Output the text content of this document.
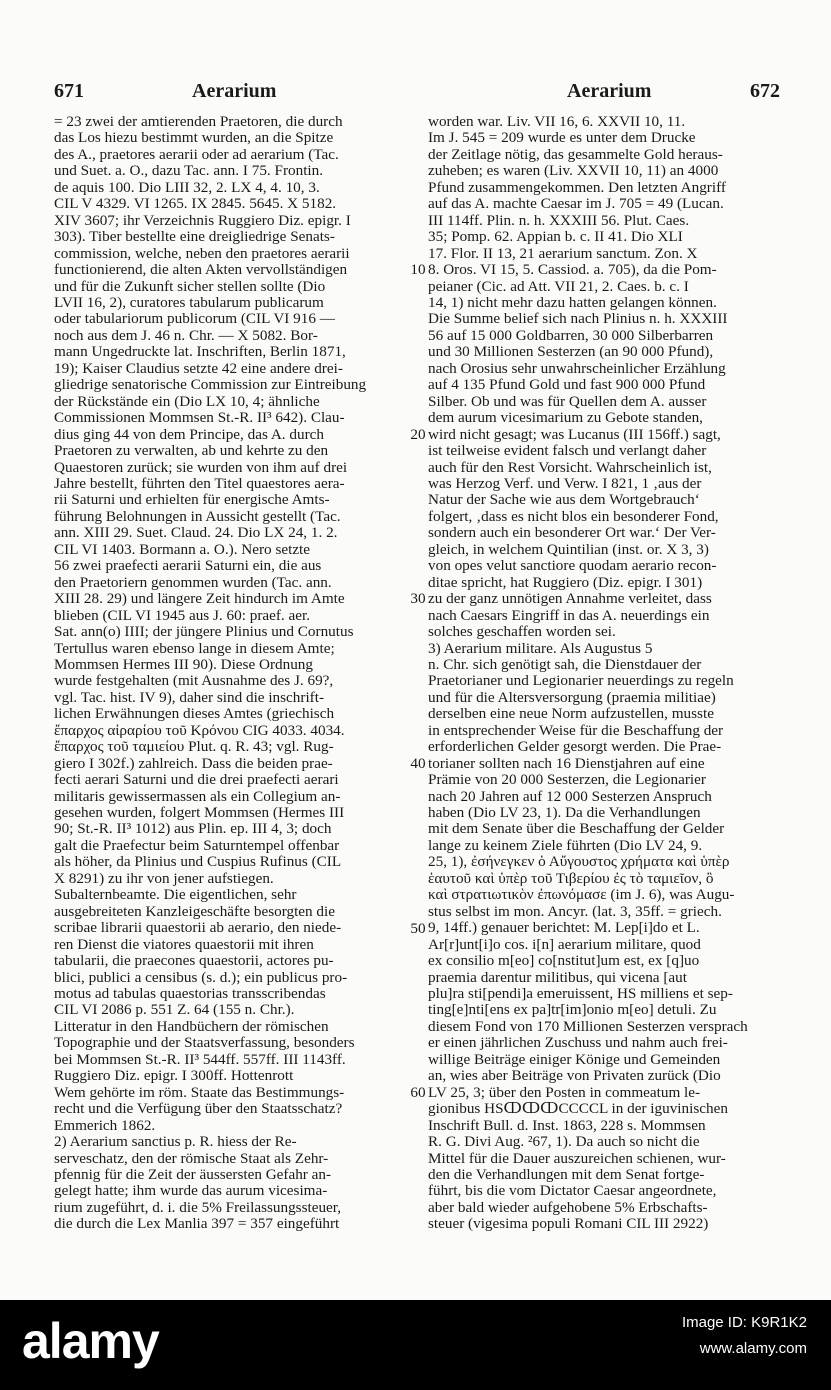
671	Aerarium	Aerarium	672
= 23 zwei der amtierenden Praetoren, die durch
das Los hiezu bestimmt wurden, an die Spitze
des A., praetores aerarii oder ad aerarium (Tac.
und Suet. a. O., dazu Tac. ann. I 75. Frontin.
de aquis 100. Dio LIII 32, 2. LX 4, 4. 10, 3.
CIL V 4329. VI 1265. IX 2845. 5645. X 5182.
XIV 3607; ihr Verzeichnis Ruggiero Diz. epigr. I
303). Tiber bestellte eine dreigliedrige Senats-
commission, welche, neben den praetores aerarii
functionierend, die alten Akten vervollständigen
und für die Zukunft sicher stellen sollte (Dio
LVII 16, 2), curatores tabularum publicarum
oder tabulariorum publicorum (CIL VI 916 —
noch aus dem J. 46 n. Chr. — X 5082. Bor-
mann Ungedruckte lat. Inschriften, Berlin 1871,
19); Kaiser Claudius setzte 42 eine andere drei-
gliedrige senatorische Commission zur Eintreibung
der Rückstände ein (Dio LX 10, 4; ähnliche
Commissionen Mommsen St.-R. II³ 642). Clau-
dius ging 44 von dem Principe, das A. durch
Praetoren zu verwalten, ab und kehrte zu den
Quaestoren zurück; sie wurden von ihm auf drei
Jahre bestellt, führten den Titel quaestores aera-
rii Saturni und erhielten für energische Amts-
führung Belohnungen in Aussicht gestellt (Tac.
ann. XIII 29. Suet. Claud. 24. Dio LX 24, 1. 2.
CIL VI 1403. Bormann a. O.). Nero setzte
56 zwei praefecti aerarii Saturni ein, die aus
den Praetoriern genommen wurden (Tac. ann.
XIII 28. 29) und längere Zeit hindurch im Amte
blieben (CIL VI 1945 aus J. 60: praef. aer.
Sat. ann(o) IIII; der jüngere Plinius und Cornutus
Tertullus waren ebenso lange in diesem Amte;
Mommsen Hermes III 90). Diese Ordnung
wurde festgehalten (mit Ausnahme des J. 69?,
vgl. Tac. hist. IV 9), daher sind die inschrift-
lichen Erwähnungen dieses Amtes (griechisch
ἔπαρχος αἰραρίου τοῦ Κρόνου CIG 4033. 4034.
ἔπαρχος τοῦ ταμιείου Plut. q. R. 43; vgl. Rug-
giero I 302f.) zahlreich. Dass die beiden prae-
fecti aerari Saturni und die drei praefecti aerari
militaris gewissermassen als ein Collegium an-
gesehen wurden, folgert Mommsen (Hermes III
90; St.-R. II³ 1012) aus Plin. ep. III 4, 3; doch
galt die Praefectur beim Saturntempel offenbar
als höher, da Plinius und Cuspius Rufinus (CIL
X 8291) zu ihr von jener aufstiegen.
Subalternbeamte. Die eigentlichen, sehr
ausgebreiteten Kanzleigeschäfte besorgten die
scribae librarii quaestorii ab aerario, den niede-
ren Dienst die viatores quaestorii mit ihren
tabularii, die praecones quaestorii, actores pu-
blici, publici a censibus (s. d.); ein publicus pro-
motus ad tabulas quaestorias transscribendas
CIL VI 2086 p. 551 Z. 64 (155 n. Chr.).
Litteratur in den Handbüchern der römischen
Topographie und der Staatsverfassung, besonders
bei Mommsen St.-R. II³ 544ff. 557ff. III 1143ff.
Ruggiero Diz. epigr. I 300ff. Hottenrott
Wem gehörte im röm. Staate das Bestimmungs-
recht und die Verfügung über den Staatsschatz?
Emmerich 1862.
2) Aerarium sanctius p. R. hiess der Re-
serveschatz, den der römische Staat als Zehr-
pfennig für die Zeit der äussersten Gefahr an-
gelegt hatte; ihm wurde das aurum vicesima-
rium zugeführt, d. i. die 5% Freilassungssteuer,
die durch die Lex Manlia 397 = 357 eingeführt
10
20
30
40
50
60
worden war. Liv. VII 16, 6. XXVII 10, 11.
Im J. 545 = 209 wurde es unter dem Drucke
der Zeitlage nötig, das gesammelte Gold heraus-
zuheben; es waren (Liv. XXVII 10, 11) an 4000
Pfund zusammengekommen. Den letzten Angriff
auf das A. machte Caesar im J. 705 = 49 (Lucan.
III 114ff. Plin. n. h. XXXIII 56. Plut. Caes.
35; Pomp. 62. Appian b. c. II 41. Dio XLI
17. Flor. II 13, 21 aerarium sanctum. Zon. X
8. Oros. VI 15, 5. Cassiod. a. 705), da die Pom-
peianer (Cic. ad Att. VII 21, 2. Caes. b. c. I
14, 1) nicht mehr dazu hatten gelangen können.
Die Summe belief sich nach Plinius n. h. XXXIII
56 auf 15 000 Goldbarren, 30 000 Silberbarren
und 30 Millionen Sesterzen (an 90 000 Pfund),
nach Orosius sehr unwahrscheinlicher Erzählung
auf 4 135 Pfund Gold und fast 900 000 Pfund
Silber. Ob und was für Quellen dem A. ausser
dem aurum vicesimarium zu Gebote standen,
wird nicht gesagt; was Lucanus (III 156ff.) sagt,
ist teilweise evident falsch und verlangt daher
auch für den Rest Vorsicht. Wahrscheinlich ist,
was Herzog Verf. und Verw. I 821, 1 ‚aus der
Natur der Sache wie aus dem Wortgebrauch‘
folgert, ‚dass es nicht blos ein besonderer Fond,
sondern auch ein besonderer Ort war.‘ Der Ver-
gleich, in welchem Quintilian (inst. or. X 3, 3)
von opes velut sanctiore quodam aerario recon-
ditae spricht, hat Ruggiero (Diz. epigr. I 301)
zu der ganz unnötigen Annahme verleitet, dass
nach Caesars Eingriff in das A. neuerdings ein
solches geschaffen worden sei.
3) Aerarium militare. Als Augustus 5
n. Chr. sich genötigt sah, die Dienstdauer der
Praetorianer und Legionarier neuerdings zu regeln
und für die Altersversorgung (praemia militiae)
derselben eine neue Norm aufzustellen, musste
in entsprechender Weise für die Beschaffung der
erforderlichen Gelder gesorgt werden. Die Prae-
torianer sollten nach 16 Dienstjahren auf eine
Prämie von 20 000 Sesterzen, die Legionarier
nach 20 Jahren auf 12 000 Sesterzen Anspruch
haben (Dio LV 23, 1). Da die Verhandlungen
mit dem Senate über die Beschaffung der Gelder
lange zu keinem Ziele führten (Dio LV 24, 9.
25, 1), ἐσήνεγκεν ὁ Αὔγουστος χρήματα καὶ ὑπὲρ
ἑαυτοῦ καὶ ὑπὲρ τοῦ Τιβερίου ἐς τὸ ταμιεῖον, ὃ
καὶ στρατιωτικὸν ἐπωνόμασε (im J. 6), was Augu-
stus selbst im mon. Ancyr. (lat. 3, 35ff. = griech.
9, 14ff.) genauer berichtet: M. Lep[i]do et L.
Ar[r]unt[i]o cos. i[n] aerarium militare, quod
ex consilio m[eo] co[nstitut]um est, ex [q]uo
praemia darentur militibus, qui vicena [aut
plu]ra sti[pendi]a emeruissent, HS milliens et sep-
ting[e]nti[ens ex pa]tr[im]onio m[eo] detuli. Zu
diesem Fond von 170 Millionen Sesterzen versprach
er einen jährlichen Zuschuss und nahm auch frei-
willige Beiträge einiger Könige und Gemeinden
an, wies aber Beiträge von Privaten zurück (Dio
LV 25, 3; über den Posten in commeatum le-
gionibus HSↀↀↀCCCCL in der iguvinischen
Inschrift Bull. d. Inst. 1863, 228 s. Mommsen
R. G. Divi Aug. ²67, 1). Da auch so nicht die
Mittel für die Dauer auszureichen schienen, wur-
den die Verhandlungen mit dem Senat fortge-
führt, bis die vom Dictator Caesar angeordnete,
aber bald wieder aufgehobene 5% Erbschafts-
steuer (vigesima populi Romani CIL III 2922)
alamy	Image ID: K9R1K2
www.alamy.com
